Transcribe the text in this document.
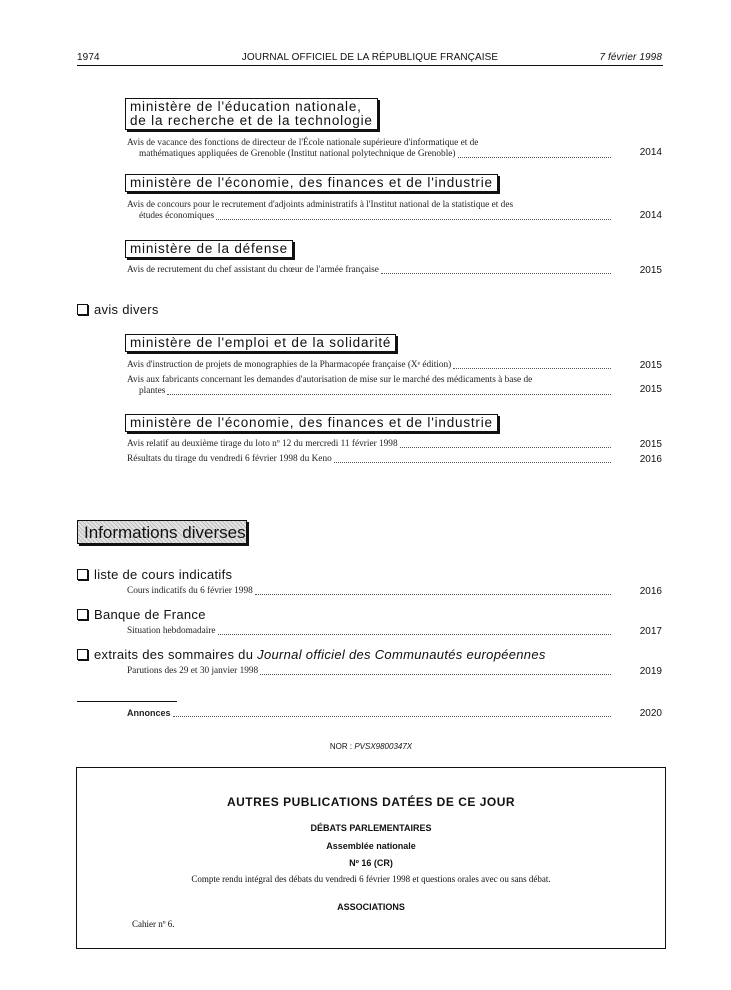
1974	JOURNAL OFFICIEL DE LA RÉPUBLIQUE FRANÇAISE	7 février 1998
ministère de l'éducation nationale,
de la recherche et de la technologie
Avis de vacance des fonctions de directeur de l'École nationale supérieure d'informatique et de
mathématiques appliquées de Grenoble (Institut national polytechnique de Grenoble)	2014
ministère de l'économie, des finances et de l'industrie
Avis de concours pour le recrutement d'adjoints administratifs à l'Institut national de la statistique et des
études économiques	2014
ministère de la défense
Avis de recrutement du chef assistant du chœur de l'armée française	2015
avis divers
ministère de l'emploi et de la solidarité
Avis d'instruction de projets de monographies de la Pharmacopée française (Xᵉ édition)	2015
Avis aux fabricants concernant les demandes d'autorisation de mise sur le marché des médicaments à base de
plantes	2015
ministère de l'économie, des finances et de l'industrie
Avis relatif au deuxième tirage du loto nº 12 du mercredi 11 février 1998	2015
Résultats du tirage du vendredi 6 février 1998 du Keno	2016
Informations diverses
liste de cours indicatifs
Cours indicatifs du 6 février 1998	2016
Banque de France
Situation hebdomadaire	2017
extraits des sommaires du Journal officiel des Communautés européennes
Parutions des 29 et 30 janvier 1998	2019
Annonces	2020
NOR : PVSX9800347X
AUTRES PUBLICATIONS DATÉES DE CE JOUR
DÉBATS PARLEMENTAIRES
Assemblée nationale
Nº 16 (CR)
Compte rendu intégral des débats du vendredi 6 février 1998 et questions orales avec ou sans débat.
ASSOCIATIONS
Cahier nº 6.
